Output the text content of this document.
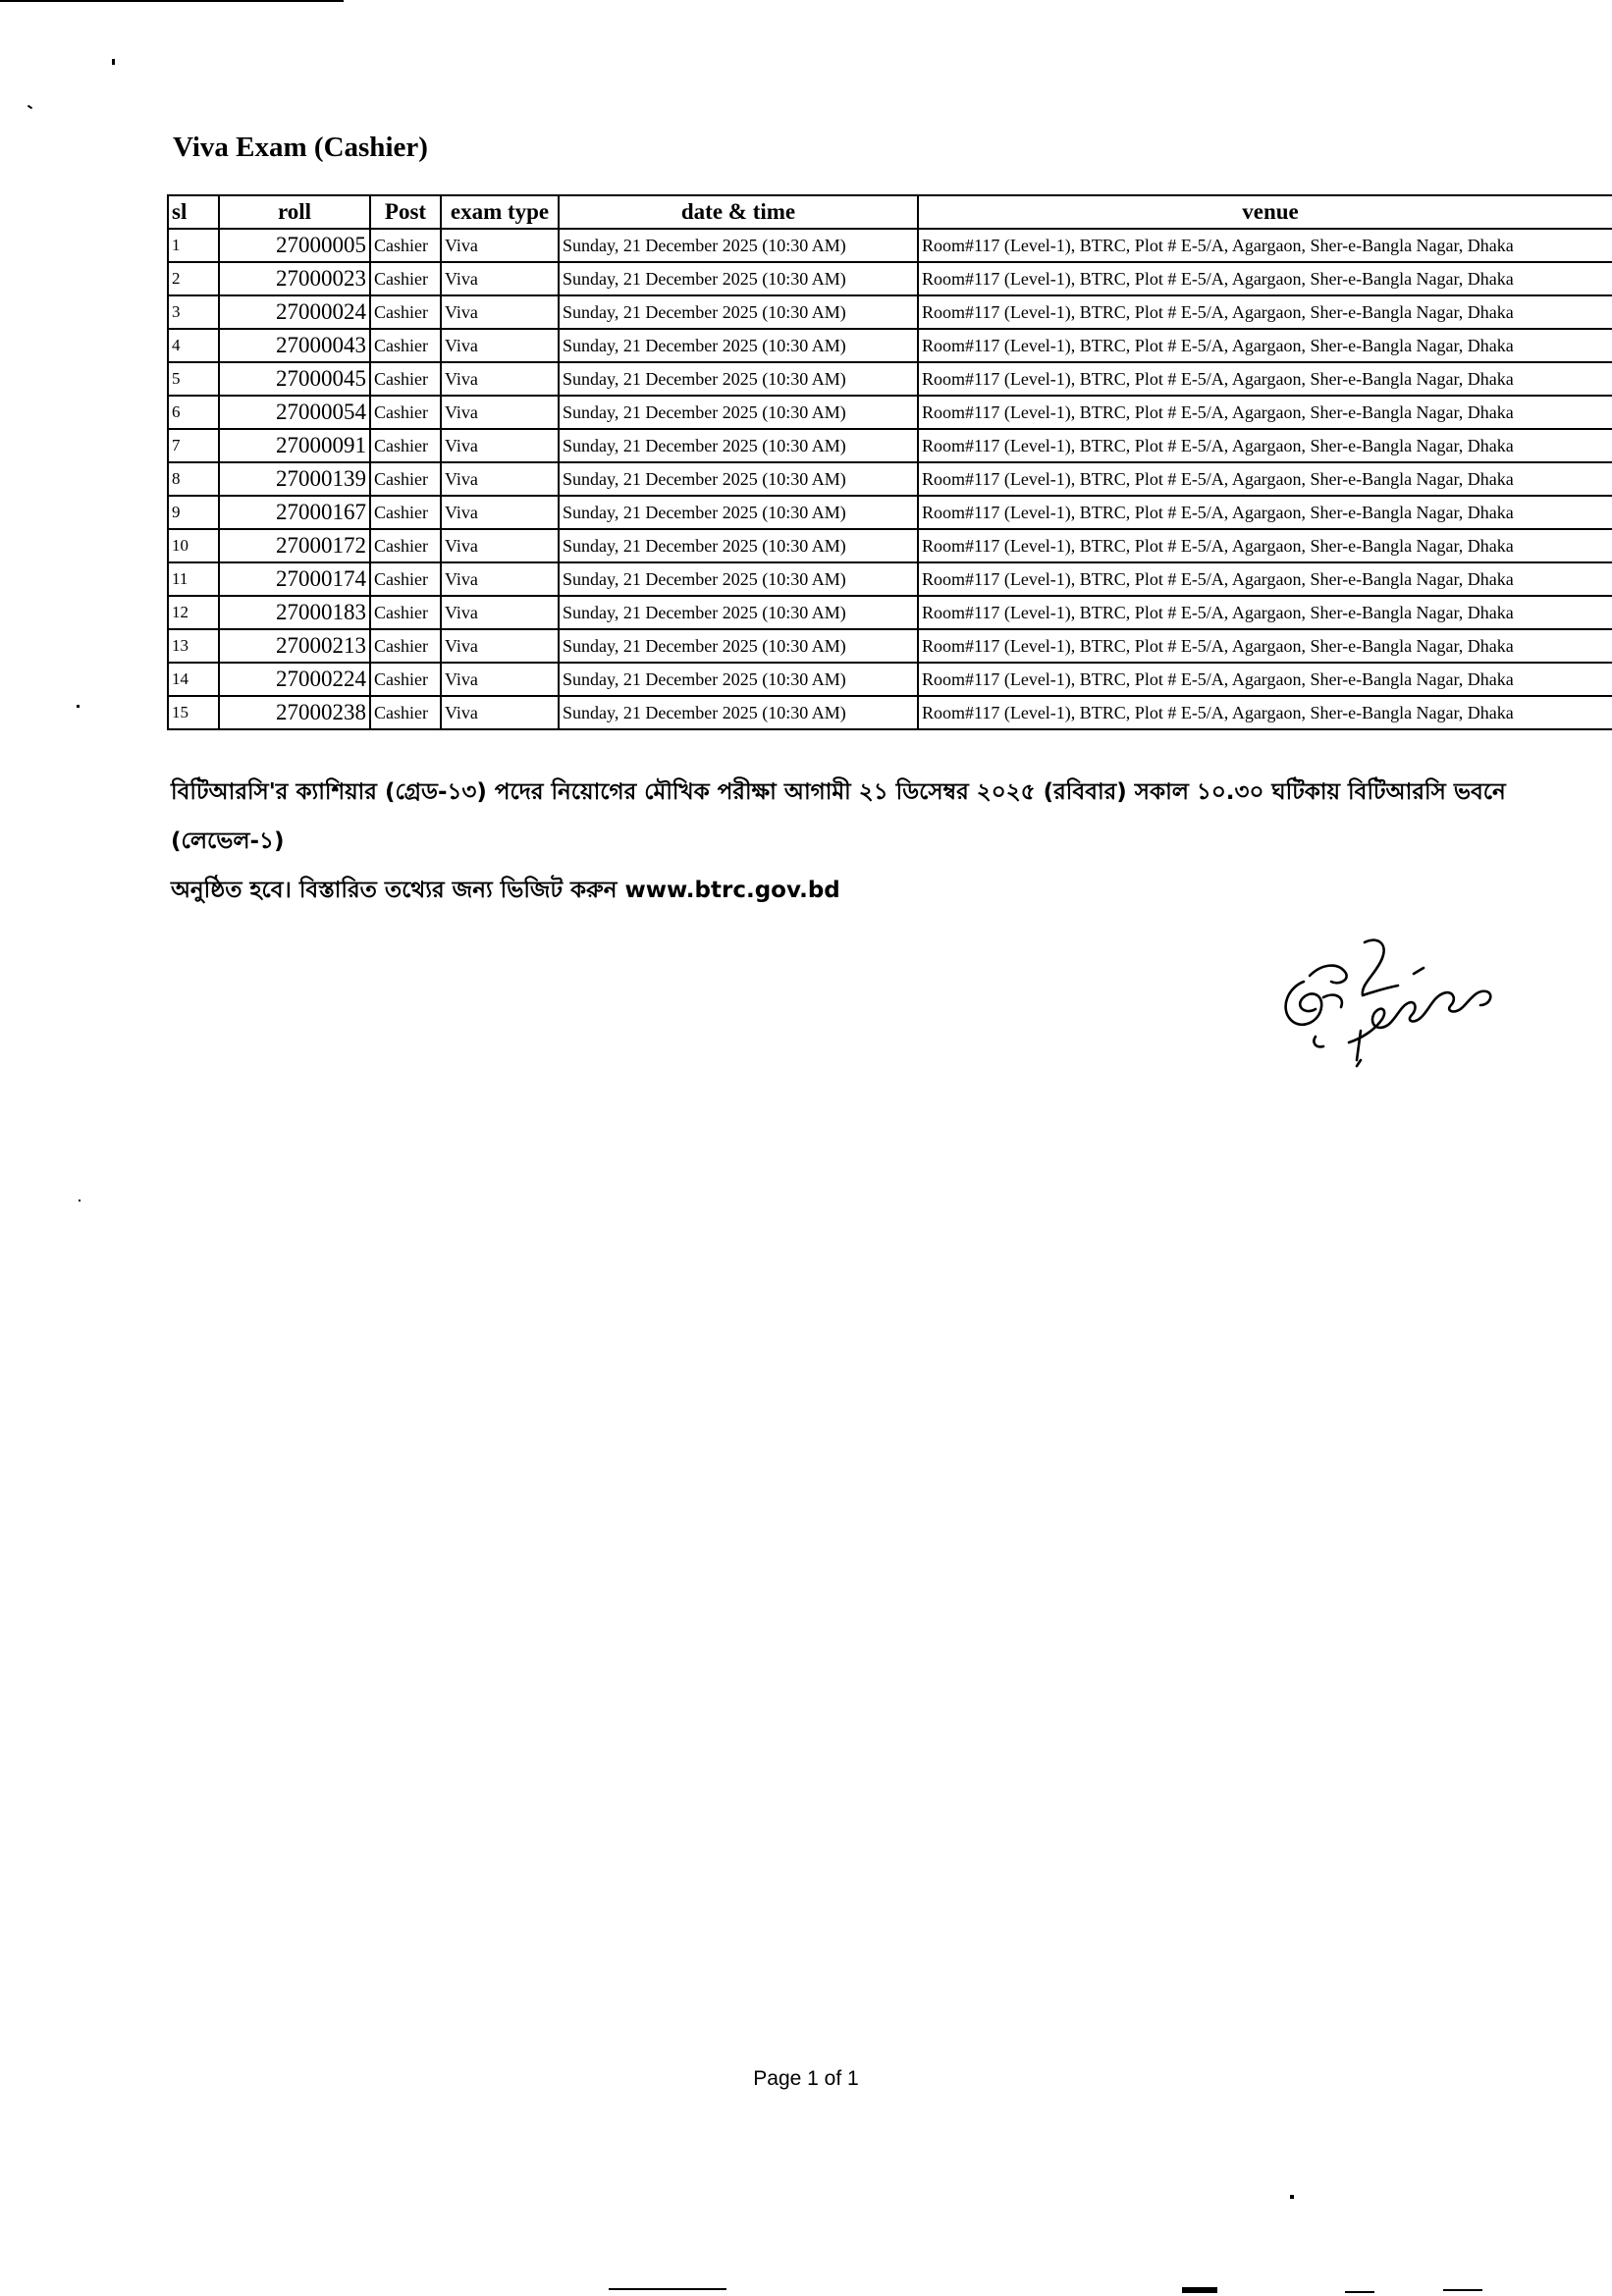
Viva Exam (Cashier)
sl	roll	Post	exam type	date & time	venue
1	27000005	Cashier	Viva	Sunday, 21 December 2025 (10:30 AM)	Room#117 (Level-1), BTRC, Plot # E-5/A, Agargaon, Sher-e-Bangla Nagar, Dhaka
2	27000023	Cashier	Viva	Sunday, 21 December 2025 (10:30 AM)	Room#117 (Level-1), BTRC, Plot # E-5/A, Agargaon, Sher-e-Bangla Nagar, Dhaka
3	27000024	Cashier	Viva	Sunday, 21 December 2025 (10:30 AM)	Room#117 (Level-1), BTRC, Plot # E-5/A, Agargaon, Sher-e-Bangla Nagar, Dhaka
4	27000043	Cashier	Viva	Sunday, 21 December 2025 (10:30 AM)	Room#117 (Level-1), BTRC, Plot # E-5/A, Agargaon, Sher-e-Bangla Nagar, Dhaka
5	27000045	Cashier	Viva	Sunday, 21 December 2025 (10:30 AM)	Room#117 (Level-1), BTRC, Plot # E-5/A, Agargaon, Sher-e-Bangla Nagar, Dhaka
6	27000054	Cashier	Viva	Sunday, 21 December 2025 (10:30 AM)	Room#117 (Level-1), BTRC, Plot # E-5/A, Agargaon, Sher-e-Bangla Nagar, Dhaka
7	27000091	Cashier	Viva	Sunday, 21 December 2025 (10:30 AM)	Room#117 (Level-1), BTRC, Plot # E-5/A, Agargaon, Sher-e-Bangla Nagar, Dhaka
8	27000139	Cashier	Viva	Sunday, 21 December 2025 (10:30 AM)	Room#117 (Level-1), BTRC, Plot # E-5/A, Agargaon, Sher-e-Bangla Nagar, Dhaka
9	27000167	Cashier	Viva	Sunday, 21 December 2025 (10:30 AM)	Room#117 (Level-1), BTRC, Plot # E-5/A, Agargaon, Sher-e-Bangla Nagar, Dhaka
10	27000172	Cashier	Viva	Sunday, 21 December 2025 (10:30 AM)	Room#117 (Level-1), BTRC, Plot # E-5/A, Agargaon, Sher-e-Bangla Nagar, Dhaka
11	27000174	Cashier	Viva	Sunday, 21 December 2025 (10:30 AM)	Room#117 (Level-1), BTRC, Plot # E-5/A, Agargaon, Sher-e-Bangla Nagar, Dhaka
12	27000183	Cashier	Viva	Sunday, 21 December 2025 (10:30 AM)	Room#117 (Level-1), BTRC, Plot # E-5/A, Agargaon, Sher-e-Bangla Nagar, Dhaka
13	27000213	Cashier	Viva	Sunday, 21 December 2025 (10:30 AM)	Room#117 (Level-1), BTRC, Plot # E-5/A, Agargaon, Sher-e-Bangla Nagar, Dhaka
14	27000224	Cashier	Viva	Sunday, 21 December 2025 (10:30 AM)	Room#117 (Level-1), BTRC, Plot # E-5/A, Agargaon, Sher-e-Bangla Nagar, Dhaka
15	27000238	Cashier	Viva	Sunday, 21 December 2025 (10:30 AM)	Room#117 (Level-1), BTRC, Plot # E-5/A, Agargaon, Sher-e-Bangla Nagar, Dhaka
বিটিআরসি'র ক্যাশিয়ার (গ্রেড-১৩) পদের নিয়োগের মৌখিক পরীক্ষা আগামী ২১ ডিসেম্বর ২০২৫ (রবিবার) সকাল ১০.৩০ ঘটিকায় বিটিআরসি ভবনে (লেভেল-১)
অনুষ্ঠিত হবে। বিস্তারিত তথ্যের জন্য ভিজিট করুন www.btrc.gov.bd
Page 1 of 1
